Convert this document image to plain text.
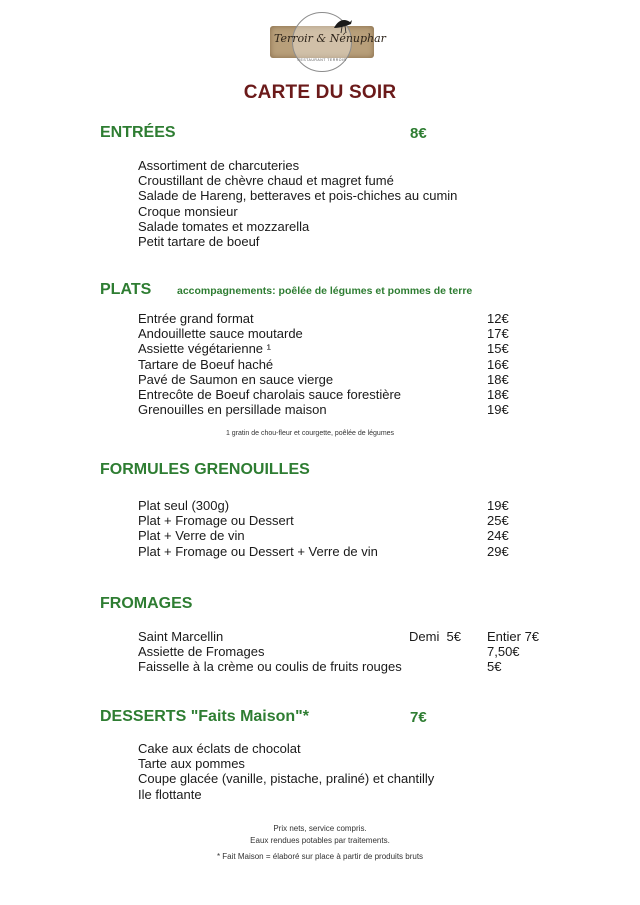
Terroir & Nénuphar
RESTAURANT TERROIR
CARTE DU SOIR
ENTRÉES	8€
Assortiment de charcuteries
Croustillant de chèvre chaud et magret fumé
Salade de Hareng, betteraves et pois-chiches au cumin
Croque monsieur
Salade tomates et mozzarella
Petit tartare de boeuf
PLATS accompagnements: poêlée de légumes et pommes de terre
Entrée grand format	12€
Andouillette sauce moutarde	17€
Assiette végétarienne ¹	15€
Tartare de Boeuf haché	16€
Pavé de Saumon en sauce vierge	18€
Entrecôte de Boeuf charolais sauce forestière	18€
Grenouilles en persillade maison	19€
1 gratin de chou-fleur et courgette, poêlée de légumes
FORMULES GRENOUILLES
Plat seul (300g)	19€
Plat + Fromage ou Dessert	25€
Plat + Verre de vin	24€
Plat + Fromage ou Dessert + Verre de vin	29€
FROMAGES
Saint Marcellin	Demi  5€ Entier 7€
Assiette de Fromages	7,50€
Faisselle à la crème ou coulis de fruits rouges	5€
DESSERTS "Faits Maison"*	7€
Cake aux éclats de chocolat
Tarte aux pommes
Coupe glacée (vanille, pistache, praliné) et chantilly
Ile flottante
Prix nets, service compris.
Eaux rendues potables par traitements.
* Fait Maison = élaboré sur place à partir de produits bruts
